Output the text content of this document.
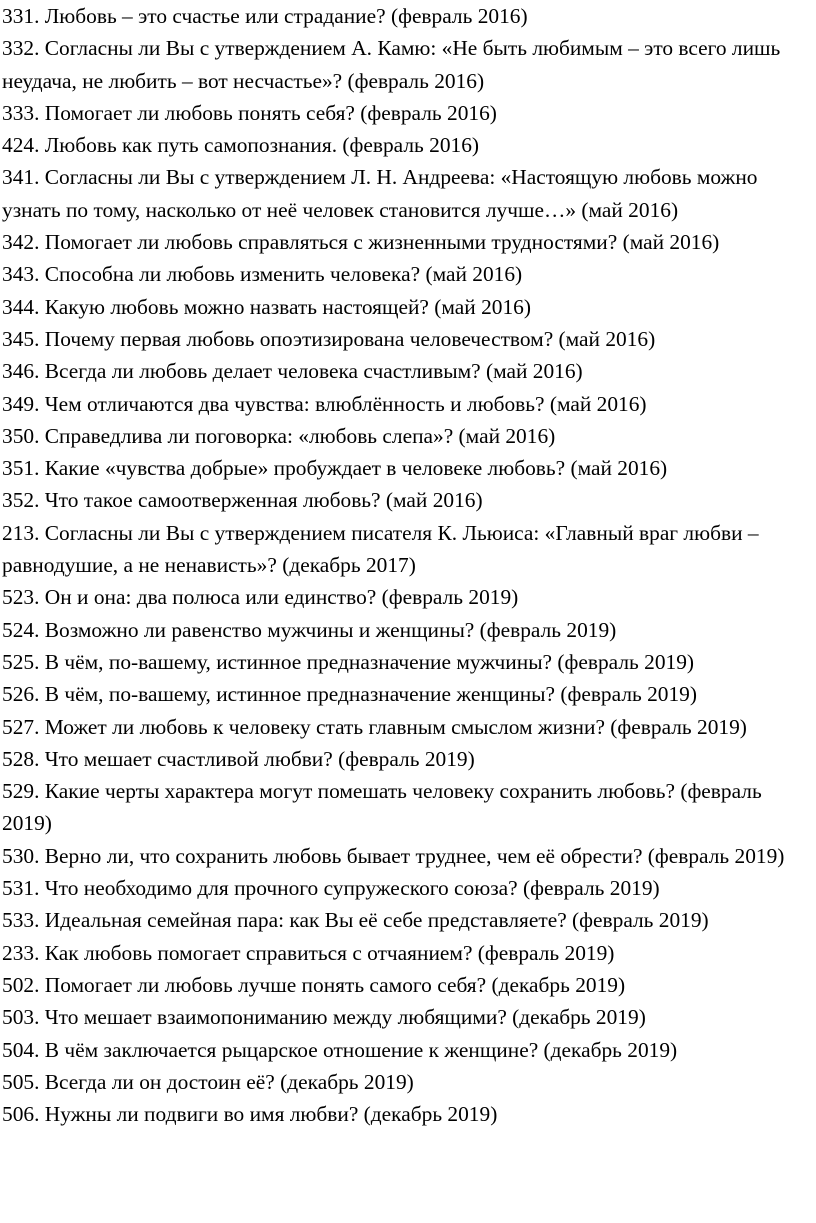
331. Любовь – это счастье или страдание? (февраль 2016)

332. Согласны ли Вы с утверждением А. Камю: «Не быть любимым – это всего лишь неудача, не любить – вот несчастье»? (февраль 2016)

333. Помогает ли любовь понять себя? (февраль 2016)

424. Любовь как путь самопознания. (февраль 2016)

341. Согласны ли Вы с утверждением Л. Н. Андреева: «Настоящую любовь можно узнать по тому, насколько от неё человек становится лучше…» (май 2016)

342. Помогает ли любовь справляться с жизненными трудностями? (май 2016)

343. Способна ли любовь изменить человека? (май 2016)

344. Какую любовь можно назвать настоящей? (май 2016)

345. Почему первая любовь опоэтизирована человечеством? (май 2016)

346. Всегда ли любовь делает человека счастливым? (май 2016)

349. Чем отличаются два чувства: влюблённость и любовь? (май 2016)

350. Справедлива ли поговорка: «любовь слепа»? (май 2016)

351. Какие «чувства добрые» пробуждает в человеке любовь? (май 2016)

352. Что такое самоотверженная любовь? (май 2016)

213. Согласны ли Вы с утверждением писателя К. Льюиса: «Главный враг любви – равнодушие, а не ненависть»? (декабрь 2017)

523. Он и она: два полюса или единство? (февраль 2019)

524. Возможно ли равенство мужчины и женщины? (февраль 2019)

525. В чём, по-вашему, истинное предназначение мужчины? (февраль 2019)

526. В чём, по-вашему, истинное предназначение женщины? (февраль 2019)

527. Может ли любовь к человеку стать главным смыслом жизни? (февраль 2019)

528. Что мешает счастливой любви? (февраль 2019)

529. Какие черты характера могут помешать человеку сохранить любовь? (февраль 2019)

530. Верно ли, что сохранить любовь бывает труднее, чем её обрести? (февраль 2019)

531. Что необходимо для прочного супружеского союза? (февраль 2019)

533. Идеальная семейная пара: как Вы её себе представляете? (февраль 2019)

233. Как любовь помогает справиться с отчаянием? (февраль 2019)

502. Помогает ли любовь лучше понять самого себя? (декабрь 2019)

503. Что мешает взаимопониманию между любящими? (декабрь 2019)

504. В чём заключается рыцарское отношение к женщине? (декабрь 2019)

505. Всегда ли он достоин её? (декабрь 2019)

506. Нужны ли подвиги во имя любви? (декабрь 2019)
